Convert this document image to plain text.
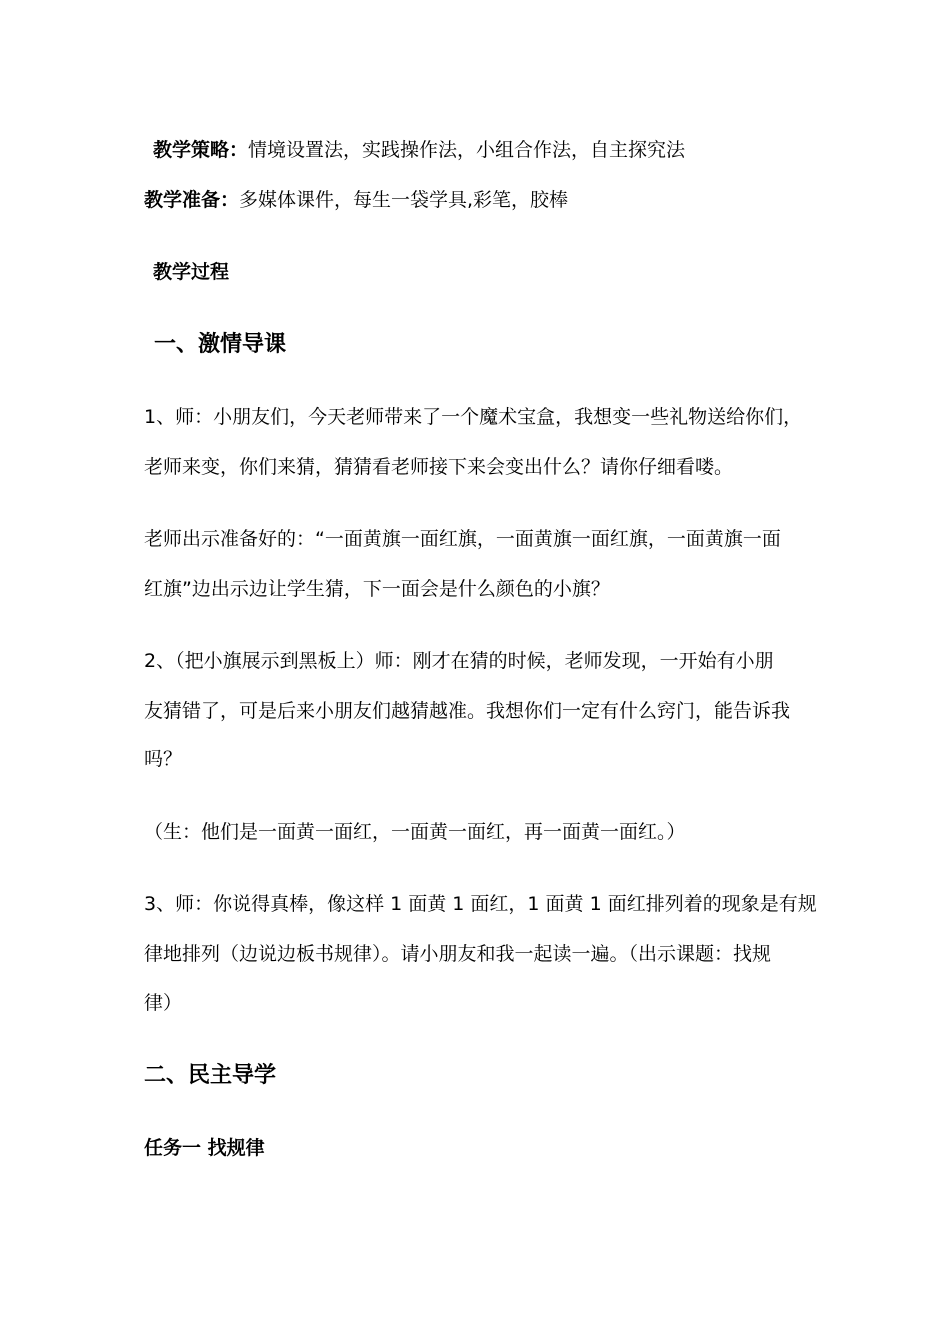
教学策略：情境设置法，实践操作法，小组合作法，自主探究法
教学准备：多媒体课件，每生一袋学具,彩笔，胶棒
教学过程
一、激情导课
1、师：小朋友们，今天老师带来了一个魔术宝盒，我想变一些礼物送给你们，
老师来变，你们来猜，猜猜看老师接下来会变出什么？请你仔细看喽。
老师出示准备好的：“一面黄旗一面红旗，一面黄旗一面红旗，一面黄旗一面
红旗”边出示边让学生猜，下一面会是什么颜色的小旗？
2、（把小旗展示到黑板上）师：刚才在猜的时候，老师发现，一开始有小朋
友猜错了，可是后来小朋友们越猜越准。我想你们一定有什么窍门，能告诉我
吗？
（生：他们是一面黄一面红，一面黄一面红，再一面黄一面红。）
3、师：你说得真棒，像这样 1 面黄 1 面红，1 面黄 1 面红排列着的现象是有规
律地排列（边说边板书规律）。请小朋友和我一起读一遍。（出示课题：找规
律）
二、民主导学
任务一 找规律
